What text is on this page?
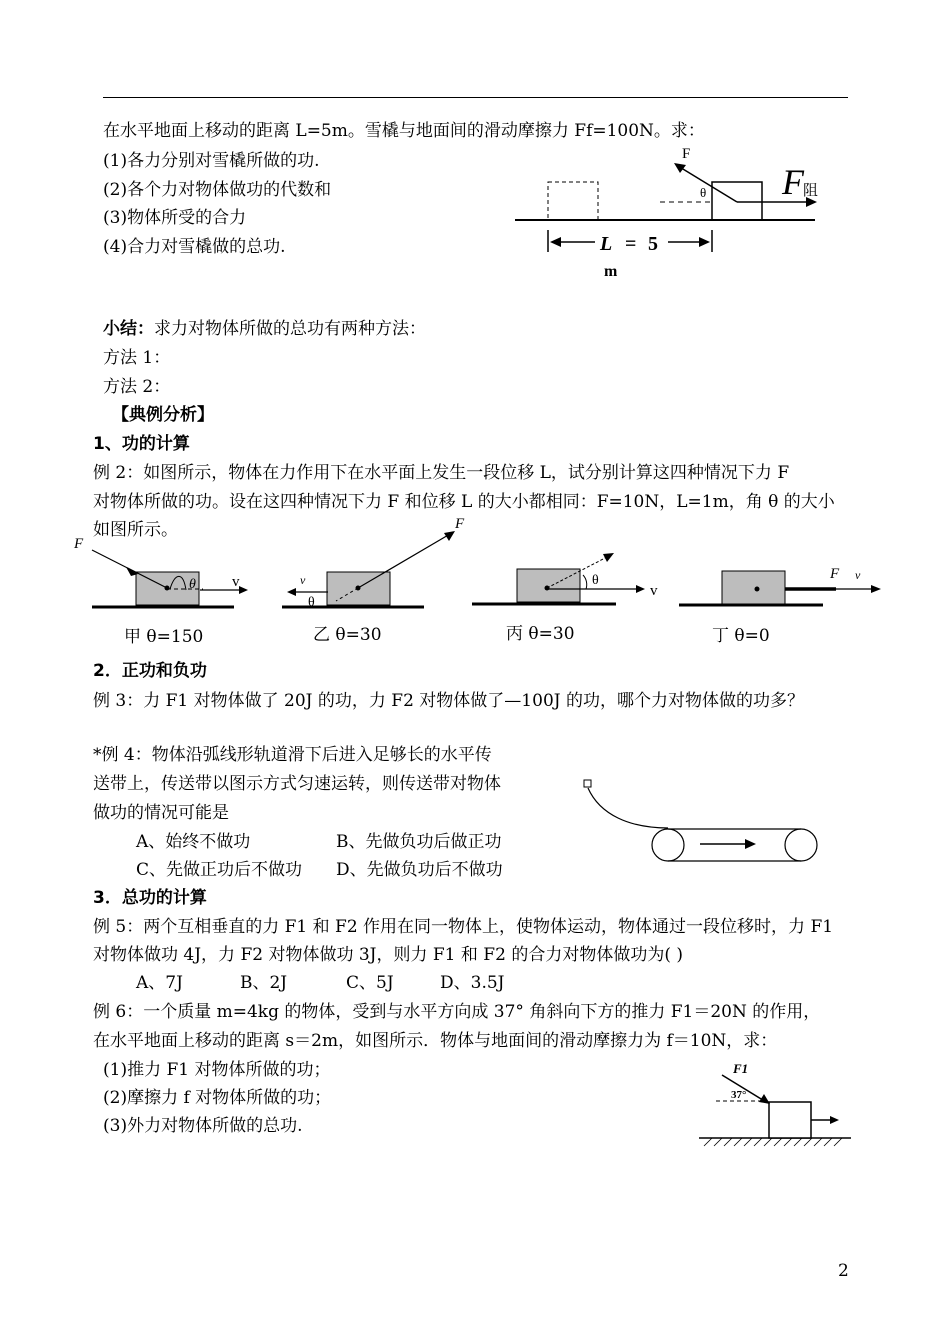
在水平地面上移动的距离 L=5m。雪橇与地面间的滑动摩擦力 Ff=100N。求：
(1)各力分别对雪橇所做的功.
(2)各个力对物体做功的代数和
(3)物体所受的合力
(4)合力对雪橇做的总功.
F
θ F 阻
L = 5
m
小结：求力对物体所做的总功有两种方法：
方法 1：
方法 2：
【典例分析】
1、功的计算
例 2：如图所示，物体在力作用下在水平面上发生一段位移 L，试分别计算这四种情况下力 F
对物体所做的功。设在这四种情况下力 F 和位移 L 的大小都相同：F=10N，L=1m，角 θ 的大小
如图所示。
F
θ v
F
v
θ
θ
v
F v
甲 θ=150	乙 θ=30	丙 θ=30	丁 θ=0
2．正功和负功
例 3：力 F1 对物体做了 20J 的功，力 F2 对物体做了—100J 的功，哪个力对物体做的功多？
*例 4：物体沿弧线形轨道滑下后进入足够长的水平传
送带上，传送带以图示方式匀速运转，则传送带对物体
做功的情况可能是
A、始终不做功	B、先做负功后做正功
C、先做正功后不做功 D、先做负功后不做功
3．总功的计算
例 5：两个互相垂直的力 F1 和 F2 作用在同一物体上，使物体运动，物体通过一段位移时，力 F1
对物体做功 4J，力 F2 对物体做功 3J，则力 F1 和 F2 的合力对物体做功为( )
A、7J	B、2J	C、5J	D、3.5J
例 6：一个质量 m=4kg 的物体，受到与水平方向成 37° 角斜向下方的推力 F1＝20N 的作用，
在水平地面上移动的距离 s＝2m，如图所示．物体与地面间的滑动摩擦力为 f＝10N，求：
(1)推力 F1 对物体所做的功；
(2)摩擦力 f 对物体所做的功；
(3)外力对物体所做的总功.
37°
F1
2
